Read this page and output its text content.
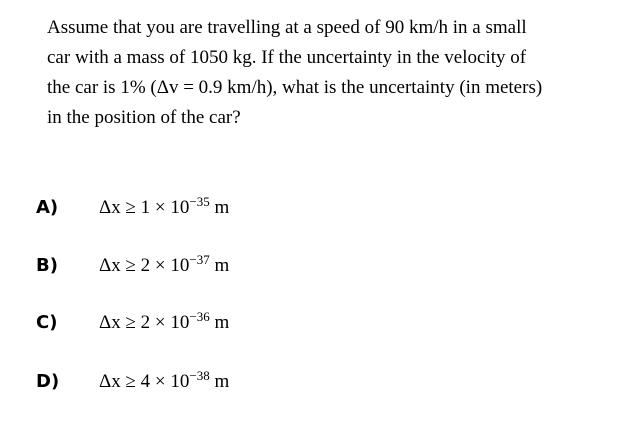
Assume that you are travelling at a speed of 90 km/h in a small
car with a mass of 1050 kg. If the uncertainty in the velocity of
the car is 1% (Δv = 0.9 km/h), what is the uncertainty (in meters)
in the position of the car?
A) $\Delta x \ge 1 \times 10^{-35}$ m
B) $\Delta x \ge 2 \times 10^{-37}$ m
C) $\Delta x \ge 2 \times 10^{-36}$ m
D) $\Delta x \ge 4 \times 10^{-38}$ m
